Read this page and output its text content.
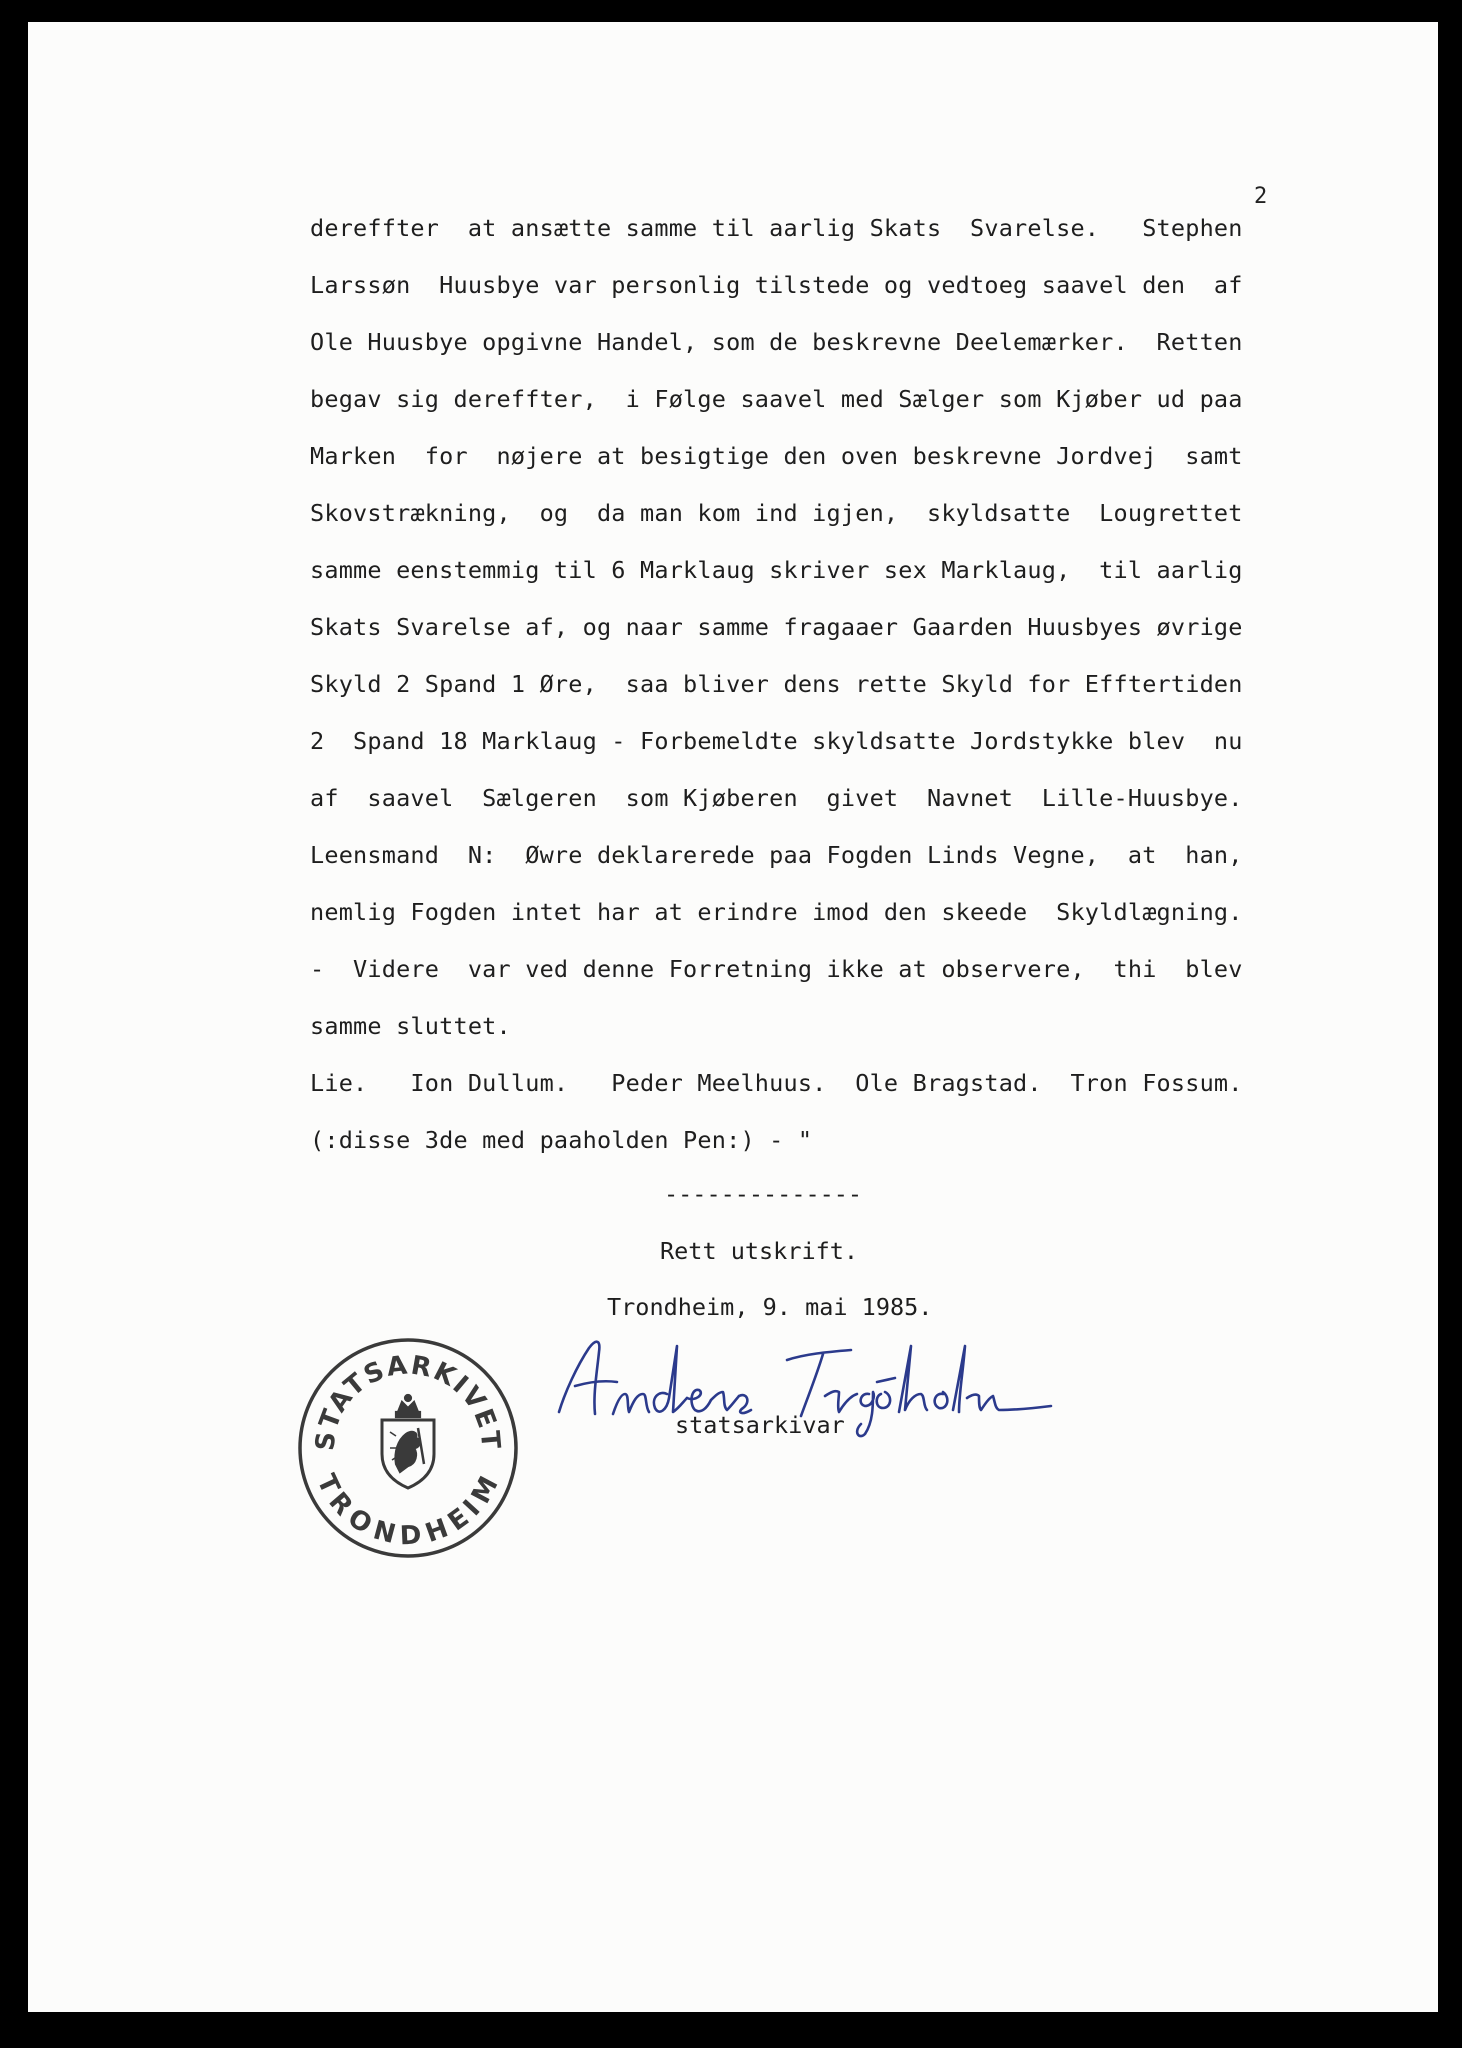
2
dereffter  at ansætte samme til aarlig Skats  Svarelse.   Stephen
Larssøn  Huusbye var personlig tilstede og vedtoeg saavel den  af
Ole Huusbye opgivne Handel, som de beskrevne Deelemærker.  Retten
begav sig dereffter,  i Følge saavel med Sælger som Kjøber ud paa
Marken  for  nøjere at besigtige den oven beskrevne Jordvej  samt
Skovstrækning,  og  da man kom ind igjen,  skyldsatte  Lougrettet
samme eenstemmig til 6 Marklaug skriver sex Marklaug,  til aarlig
Skats Svarelse af, og naar samme fragaaer Gaarden Huusbyes øvrige
Skyld 2 Spand 1 Øre,  saa bliver dens rette Skyld for Efftertiden
2  Spand 18 Marklaug - Forbemeldte skyldsatte Jordstykke blev  nu
af  saavel  Sælgeren  som Kjøberen  givet  Navnet  Lille-Huusbye.
Leensmand  N:  Øwre deklarerede paa Fogden Linds Vegne,  at  han,
nemlig Fogden intet har at erindre imod den skeede  Skyldlægning.
-  Videre  var ved denne Forretning ikke at observere,  thi  blev
samme sluttet.
Lie.   Ion Dullum.   Peder Meelhuus.  Ole Bragstad.  Tron Fossum.
(:disse 3de med paaholden Pen:) - "
--------------
Rett utskrift.
Trondheim, 9. mai 1985.
statsarkivar
STATSARKIVET
TRONDHEIM
